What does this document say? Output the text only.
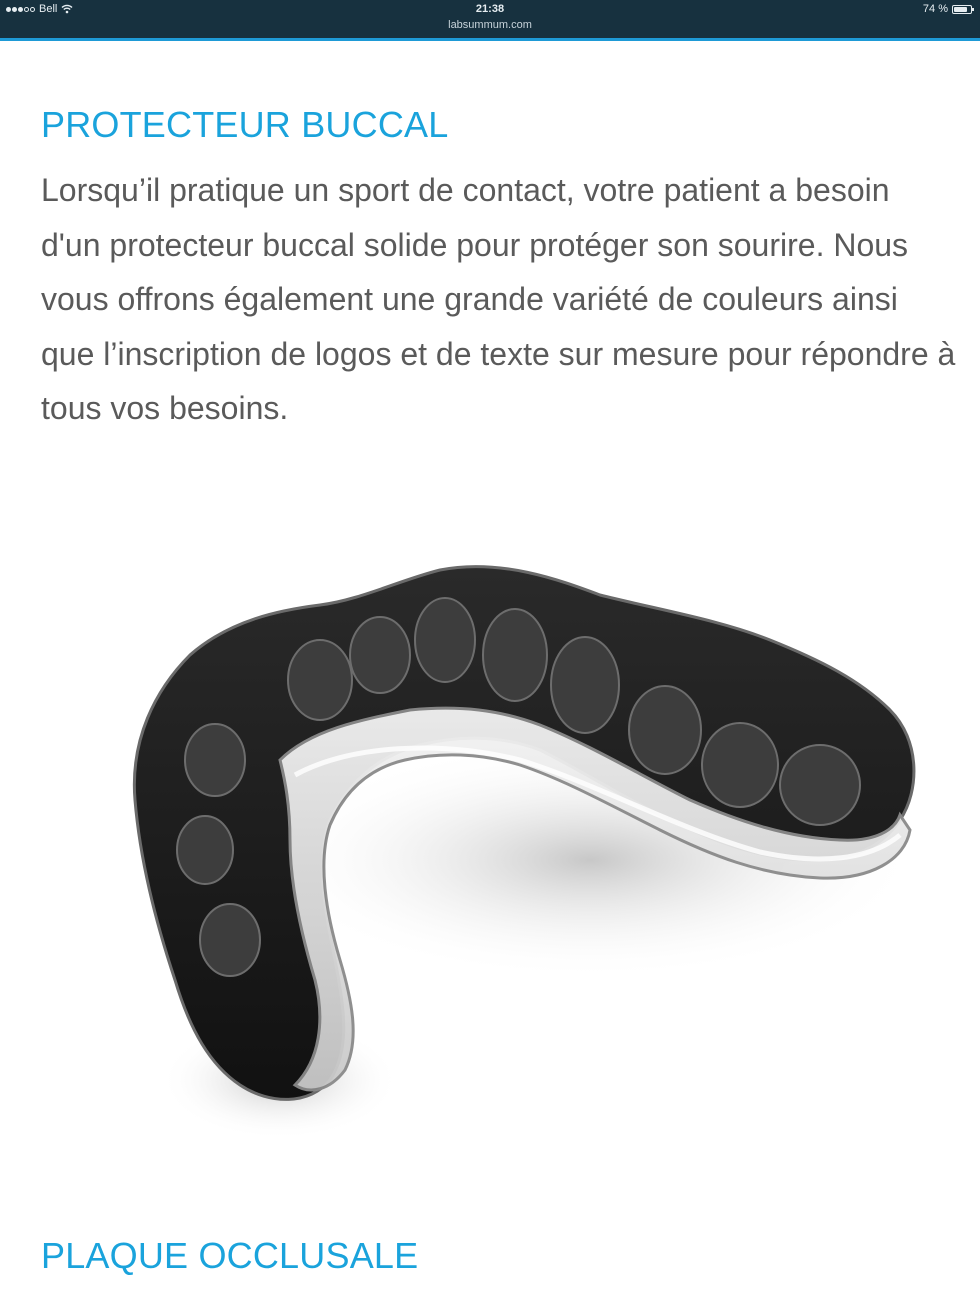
Bell	21:38
labsummum.com
74 %
PROTECTEUR BUCCAL

Lorsqu’il pratique un sport de contact, votre patient a besoin d'un protecteur buccal solide pour protéger son sourire. Nous vous offrons également une grande variété de couleurs ainsi que l’inscription de logos et de texte sur mesure pour répondre à tous vos besoins.

PLAQUE OCCLUSALE
